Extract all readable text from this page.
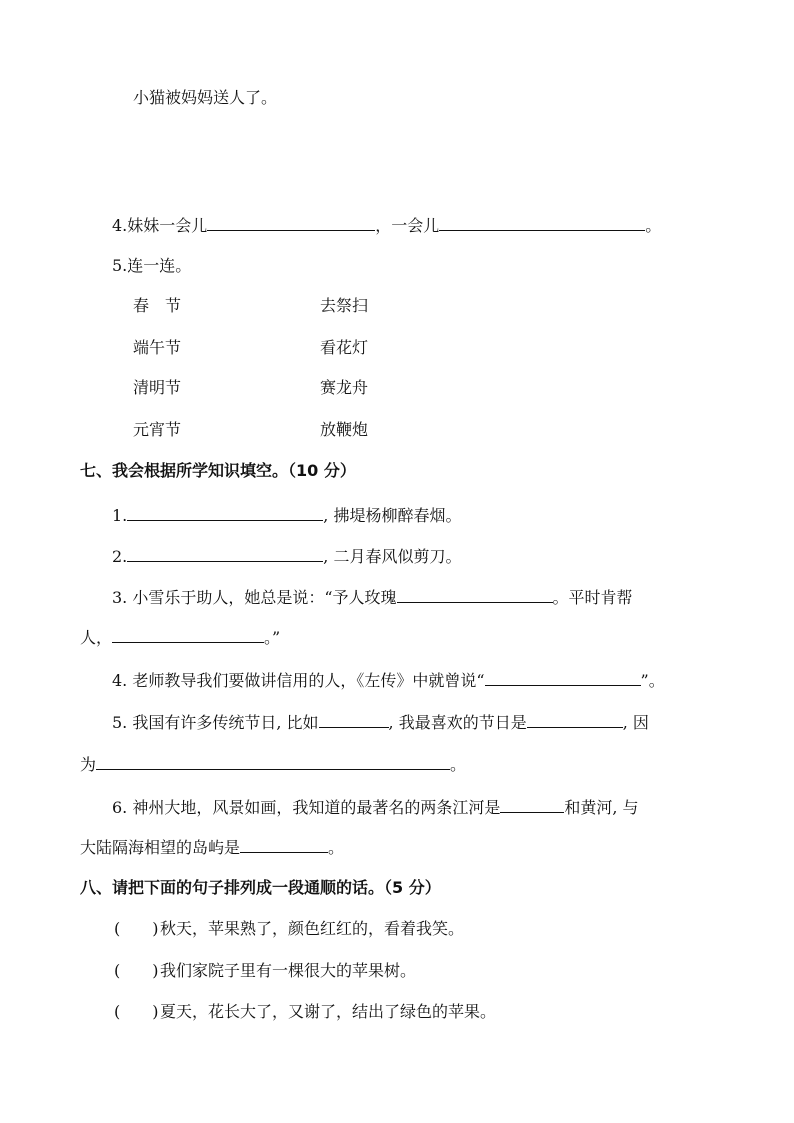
小猫被妈妈送人了。
4.妹妹一会儿	，一会儿	。
5.连一连。
春　节	去祭扫
端午节	看花灯
清明节	赛龙舟
元宵节	放鞭炮
七、我会根据所学知识填空。（10 分）
1.	, 拂堤杨柳醉春烟。
2.	, 二月春风似剪刀。
3. 小雪乐于助人，她总是说：“予人玫瑰	。平时肯帮
人，	。”
4. 老师教导我们要做讲信用的人，《左传》中就曾说“	”。
5. 我国有许多传统节日, 比如	, 我最喜欢的节日是	, 因
为	。
6. 神州大地，风景如画，我知道的最著名的两条江河是	和黄河, 与
大陆隔海相望的岛屿是	。
八、请把下面的句子排列成一段通顺的话。（5 分）
( )秋天，苹果熟了，颜色红红的，看着我笑。
( )我们家院子里有一棵很大的苹果树。
( )夏天，花长大了，又谢了，结出了绿色的苹果。
